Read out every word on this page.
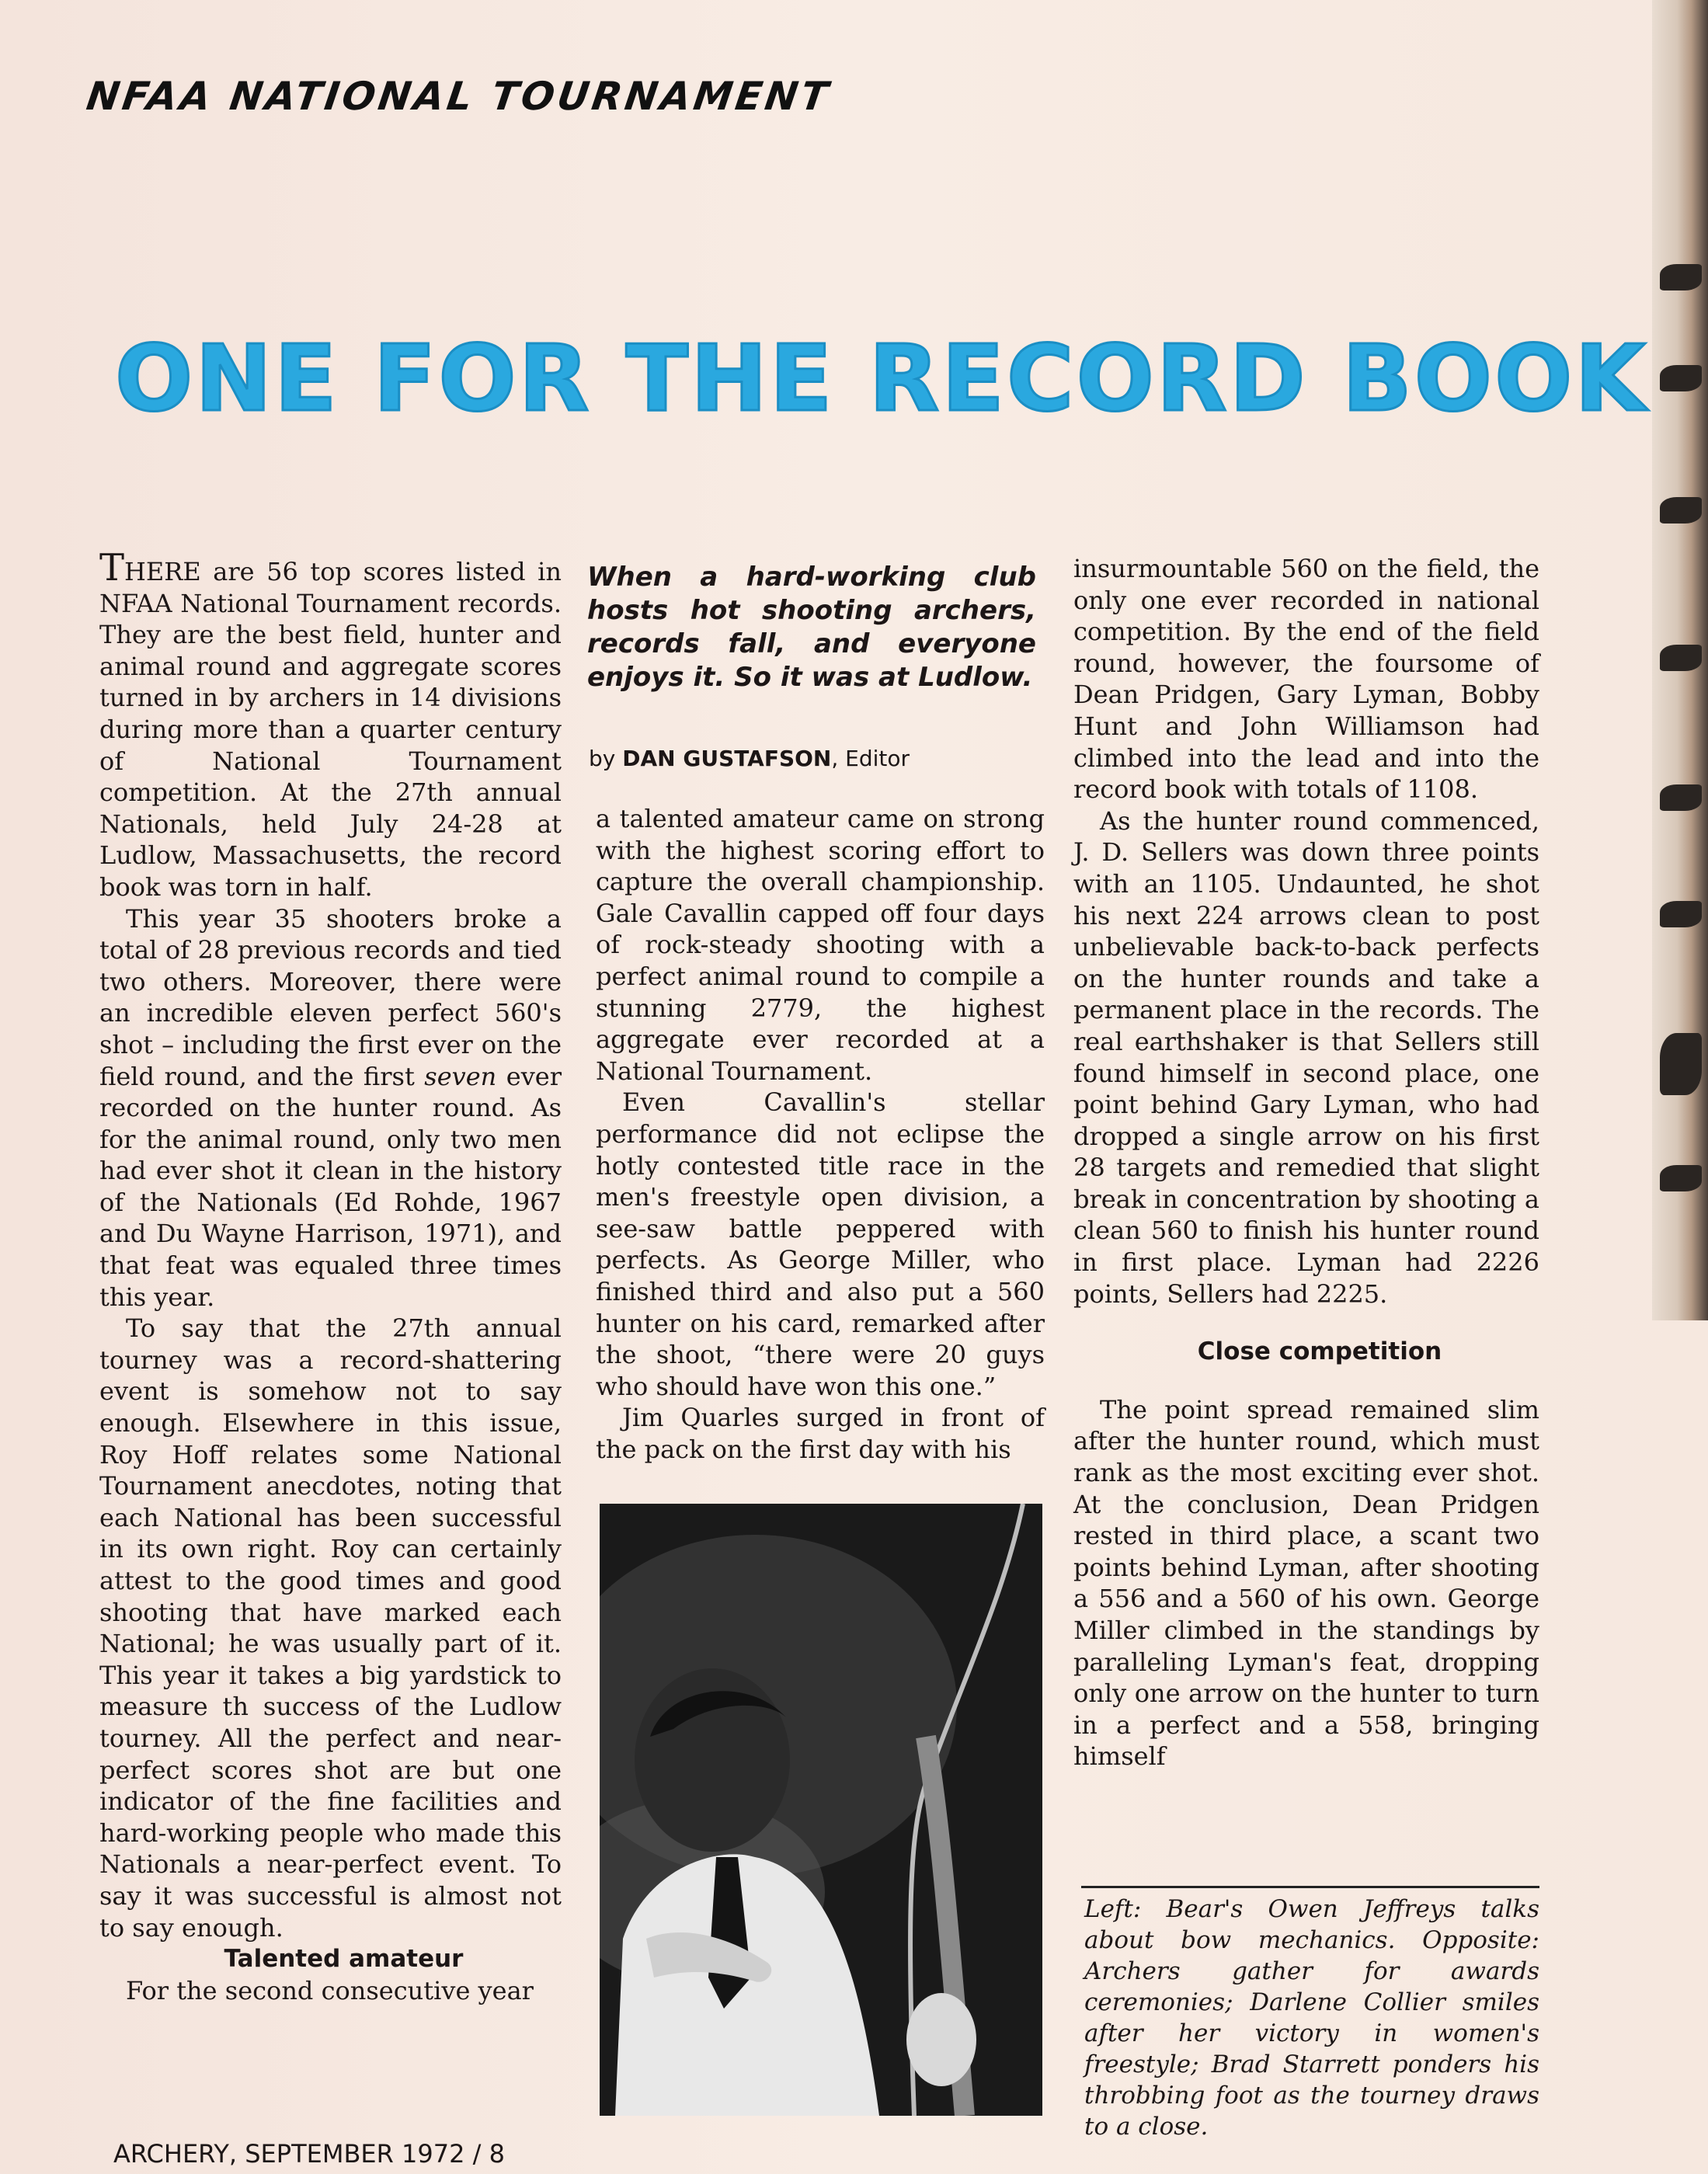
NFAA NATIONAL TOURNAMENT
ONE FOR THE RECORD BOOK

THERE are 56 top scores listed in NFAA National Tournament records. They are the best field, hunter and animal round and aggregate scores turned in by archers in 14 divisions during more than a quarter century of National Tournament competition. At the 27th annual Nationals, held July 24-28 at Ludlow, Massachusetts, the record book was torn in half.

This year 35 shooters broke a total of 28 previous records and tied two others. Moreover, there were an incredible eleven perfect 560's shot – including the first ever on the field round, and the first seven ever recorded on the hunter round. As for the animal round, only two men had ever shot it clean in the history of the Nationals (Ed Rohde, 1967 and Du Wayne Harrison, 1971), and that feat was equaled three times this year.

To say that the 27th annual tourney was a record-shattering event is somehow not to say enough. Elsewhere in this issue, Roy Hoff relates some National Tournament anecdotes, noting that each National has been successful in its own right. Roy can certainly attest to the good times and good shooting that have marked each National; he was usually part of it. This year it takes a big yardstick to measure th success of the Ludlow tourney. All the perfect and near-perfect scores shot are but one indicator of the fine facilities and hard-working people who made this Nationals a near-perfect event. To say it was successful is almost not to say enough.

Talented amateur

For the second consecutive year

When a hard-working club hosts hot shooting archers, records fall, and everyone enjoys it. So it was at Ludlow.

by DAN GUSTAFSON, Editor

a talented amateur came on strong with the highest scoring effort to capture the overall championship. Gale Cavallin capped off four days of rock-steady shooting with a perfect animal round to compile a stunning 2779, the highest aggregate ever recorded at a National Tournament.

Even Cavallin's stellar performance did not eclipse the hotly contested title race in the men's freestyle open division, a see-saw battle peppered with perfects. As George Miller, who finished third and also put a 560 hunter on his card, remarked after the shoot, “there were 20 guys who should have won this one.”

Jim Quarles surged in front of the pack on the first day with his

insurmountable 560 on the field, the only one ever recorded in national competition. By the end of the field round, however, the foursome of Dean Pridgen, Gary Lyman, Bobby Hunt and John Williamson had climbed into the lead and into the record book with totals of 1108.

As the hunter round commenced, J. D. Sellers was down three points with an 1105. Undaunted, he shot his next 224 arrows clean to post unbelievable back-to-back perfects on the hunter rounds and take a permanent place in the records. The real earthshaker is that Sellers still found himself in second place, one point behind Gary Lyman, who had dropped a single arrow on his first 28 targets and remedied that slight break in concentration by shooting a clean 560 to finish his hunter round in first place. Lyman had 2226 points, Sellers had 2225.

Close competition

The point spread remained slim after the hunter round, which must rank as the most exciting ever shot. At the conclusion, Dean Pridgen rested in third place, a scant two points behind Lyman, after shooting a 556 and a 560 of his own. George Miller climbed in the standings by paralleling Lyman's feat, dropping only one arrow on the hunter to turn in a perfect and a 558, bringing himself

Left: Bear's Owen Jeffreys talks about bow mechanics. Opposite: Archers gather for awards ceremonies; Darlene Collier smiles after her victory in women's freestyle; Brad Starrett ponders his throbbing foot as the tourney draws to a close.

ARCHERY, SEPTEMBER 1972 / 8
